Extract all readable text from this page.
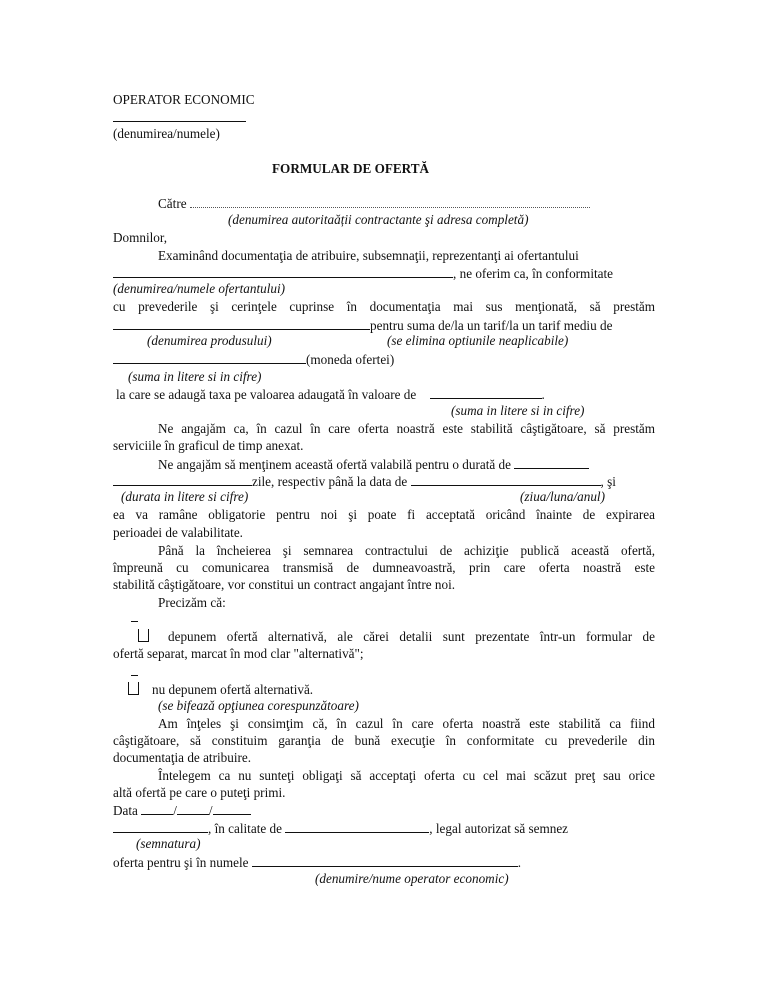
OPERATOR ECONOMIC
(denumirea/numele)
FORMULAR DE OFERTĂ
Către
(denumirea autoritaății contractante şi adresa completă)
Domnilor,
Examinând documentaţia de atribuire, subsemnaţii, reprezentanţi ai ofertantului
, ne oferim ca, în conformitate
(denumirea/numele ofertantului)
cu prevederile şi cerinţele cuprinse în documentaţia mai sus menţionată, să prestăm
pentru suma de/la un tarif/la un tarif mediu de
(denumirea produsului)	(se elimina optiunile neaplicabile)
(moneda ofertei)
(suma in litere si in cifre)
la care se adaugă taxa pe valoarea adaugată în valoare de	.
(suma in litere si in cifre)
Ne angajăm ca, în cazul în care oferta noastră este stabilită câştigătoare, să prestăm
serviciile în graficul de timp anexat.
Ne angajăm să menţinem această ofertă valabilă pentru o durată de
zile, respectiv până la data de	, şi
(durata in litere si cifre)	(ziua/luna/anul)
ea va ramâne obligatorie pentru noi şi poate fi acceptată oricând înainte de expirarea
perioadei de valabilitate.
Până la încheierea şi semnarea contractului de achiziţie publică această ofertă,
împreună cu comunicarea transmisă de dumneavoastră, prin care oferta noastră este
stabilită câştigătoare, vor constitui un contract angajant între noi.
Precizăm că:
depunem ofertă alternativă, ale cărei detalii sunt prezentate într-un formular de
ofertă separat, marcat în mod clar "alternativă";
nu depunem ofertă alternativă.
(se bifează opţiunea corespunzătoare)
Am înţeles şi consimţim că, în cazul în care oferta noastră este stabilită ca fiind
câştigătoare, să constituim garanţia de bună execuţie în conformitate cu prevederile din
documentaţia de atribuire.
Întelegem ca nu sunteţi obligaţi să acceptaţi oferta cu cel mai scăzut preţ sau orice
altă ofertă pe care o puteţi primi.
Data	/ /
, în calitate de	, legal autorizat să semnez
(semnatura)
oferta pentru şi în numele	.
(denumire/nume operator economic)
